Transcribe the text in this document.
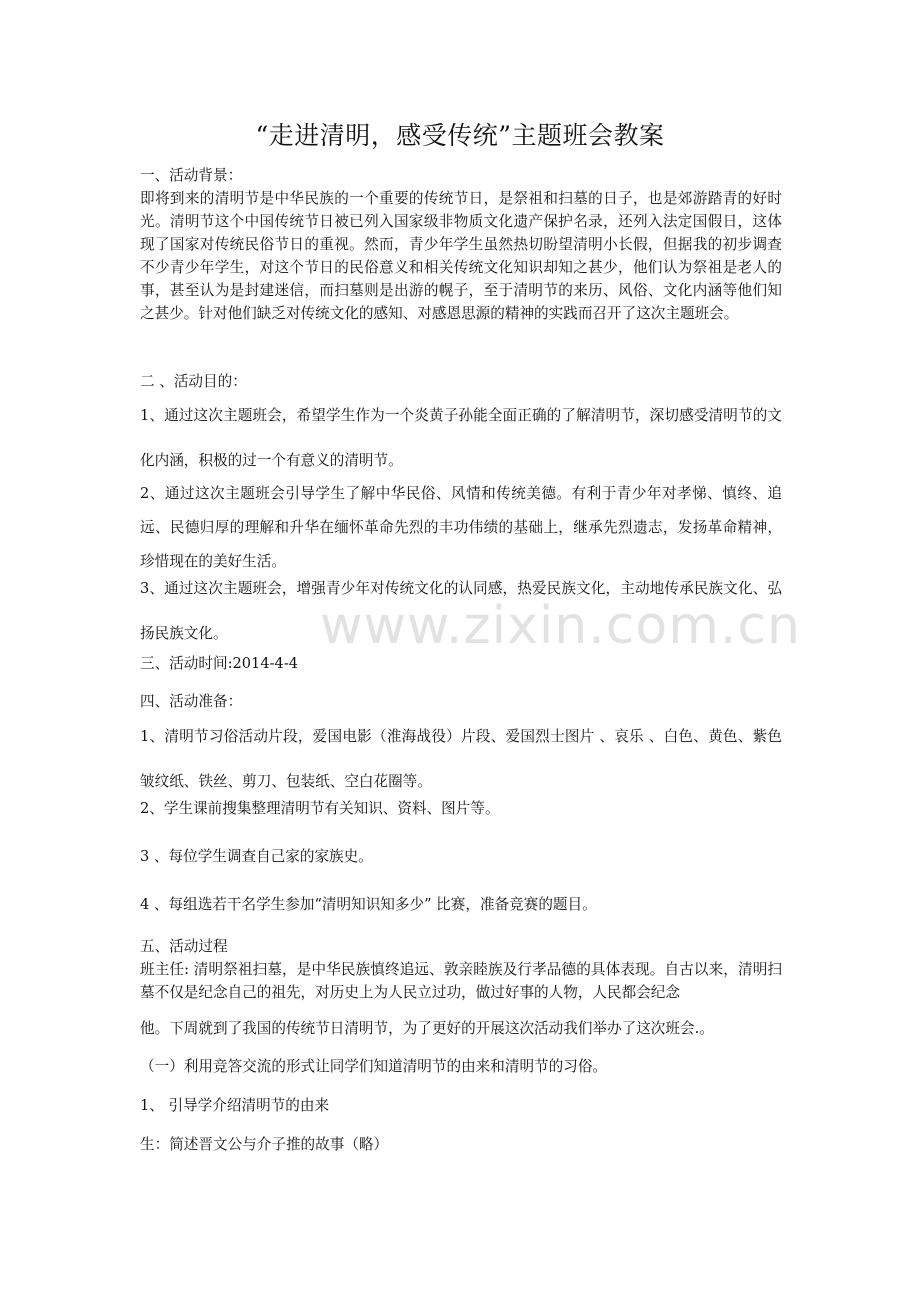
“走进清明，感受传统”主题班会教案
一、活动背景：
即将到来的清明节是中华民族的一个重要的传统节日，是祭祖和扫墓的日子，也是郊游踏青的好时光。清明节这个中国传统节日被已列入国家级非物质文化遗产保护名录，还列入法定国假日，这体现了国家对传统民俗节日的重视。然而，青少年学生虽然热切盼望清明小长假，但据我的初步调查不少青少年学生，对这个节日的民俗意义和相关传统文化知识却知之甚少，他们认为祭祖是老人的事，甚至认为是封建迷信，而扫墓则是出游的幌子，至于清明节的来历、风俗、文化内涵等他们知之甚少。针对他们缺乏对传统文化的感知、对感恩思源的精神的实践而召开了这次主题班会。
二 、活动目的：
1、通过这次主题班会，希望学生作为一个炎黄子孙能全面正确的了解清明节，深切感受清明节的文化内涵，积极的过一个有意义的清明节。
2、通过这次主题班会引导学生了解中华民俗、风情和传统美德。有利于青少年对孝悌、慎终、追远、民德归厚的理解和升华在缅怀革命先烈的丰功伟绩的基础上，继承先烈遗志，发扬革命精神，珍惜现在的美好生活。
3、通过这次主题班会，增强青少年对传统文化的认同感，热爱民族文化，主动地传承民族文化、弘扬民族文化。
三、活动时间:2014-4-4
四、活动准备：
1、清明节习俗活动片段，爱国电影（淮海战役）片段、爱国烈士图片 、哀乐 、白色、黄色、紫色皱纹纸、铁丝、剪刀、包装纸、空白花圈等。
2、学生课前搜集整理清明节有关知识、资料、图片等。
3 、每位学生调查自己家的家族史。
4 、每组选若干名学生参加“清明知识知多少” 比赛，准备竞赛的题目。
五、活动过程
班主任: 清明祭祖扫墓，是中华民族慎终追远、敦亲睦族及行孝品德的具体表现。自古以来，清明扫墓不仅是纪念自己的祖先，对历史上为人民立过功，做过好事的人物，人民都会纪念
他。下周就到了我国的传统节日清明节，为了更好的开展这次活动我们举办了这次班会.。
（一）利用竞答交流的形式让同学们知道清明节的由来和清明节的习俗。
1、 引导学介绍清明节的由来
生：简述晋文公与介子推的故事（略）
www.zixin.com.cn
